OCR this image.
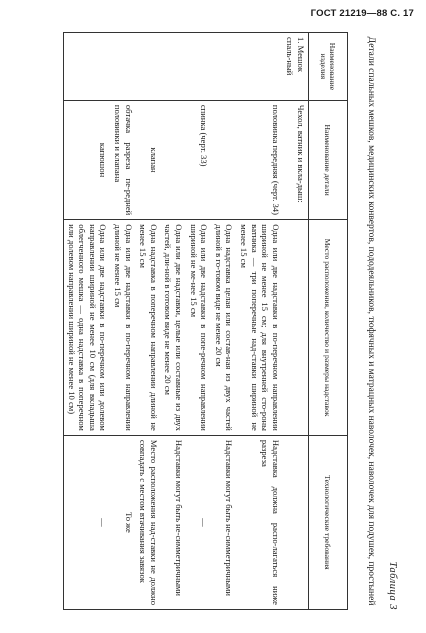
ГОСТ 21219—88 С. 17
Таблица 3
Детали спальных мешков, медицинских конвертов, пододеяльников, тюфячных и матрацных наволочек, наволочек для подушек, простыней
Наименование изделия	Наименование детали	Место расположения, количество и размеры надставок	Технологические требования
1. Мешок спаль-ный	Чехол, ватник и вкла-дыш:		
	половинка передняя (черт. 34)	Одна или две надставки в по-перечном направлении шириной не менее 15 см; для внутренней сто-роны ватника — три поперечные над-ставки шириной не менее 15 см	Надставка должна распо-лагаться ниже разреза
		Одна надставка целая или состав-ная из двух частей длиной в го-товом виде не менее 20 см	Надставки могут быть не-симметричными
	спинка (черт. 33)	Одна или две надставки в попе-речном направлении шириной не ме-нее 15 см	—
		Одна или две надставки, целые или составные из двух частей, дли-ной в готовом виде не менее 20 см	Надставки могут быть не-симметричными
	клапан	Одна надставка в поперечном направлении длиной не менее 15 см	Место расположения над-ставки не должно совпадать с местом втачивания завязок
	обтачка разреза пе-редней половинки и клапана	Одна или две надставки в по-перечном направлении длиной не менее 15 см	То же
	капюшон	Одна или две надставки в по-перечном или долевом направлении шириной не менее 10 см (для вкладыша облегченного мешка — одна надставка в поперечном или долевом направлении шириной не менее 10 см)	—
